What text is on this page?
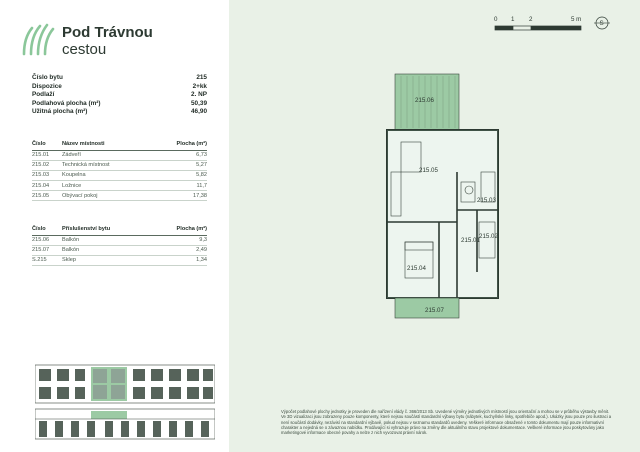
Pod Trávnou
cestou
Číslo bytu	215
Dispozice	2+kk
Podlaží	2. NP
Podlahová plocha (m²)	50,39
Užitná plocha (m²)	46,90
Číslo	Název místnosti	Plocha (m²)
215.01	Zádveří	6,73
215.02	Technická místnost	5,27
215.03	Koupelna	5,82
215.04	Ložnice	11,7
215.05	Obývací pokoj	17,38
Číslo	Příslušenství bytu	Plocha (m²)
215.06	Balkón	9,3
215.07	Balkón	2,49
S.215	Sklep	1,34
0 1 2	5 m
S
215.06
215.05
215.03
215.01
215.02
215.04
215.07
Výpočet podlahové plochy jednotky je proveden dle nařízení vlády č. 366/2013 Sb. Uvedené výměry jednotlivých místností jsou orientační a mohou se v průběhu výstavby měnit. Ve 3D vizualizaci jsou zobrazeny pouze komponenty, které nejsou součástí standardní výbavy bytu (nábytek, kuchyňské linky, spotřebiče apod.). Ukázky jsou pouze pro ilustraci a není součástí dodávky, nezávisí na standardní výbavě, pokud nejsou v seznamu standardů uvedeny. Veškeré informace obsažené v tomto dokumentu mají pouze informativní charakter a nejedná se o závaznou nabídku. Prodávající si vyhrazuje právo na změny dle aktuálního stavu projektové dokumentace. Veškeré informace jsou poskytovány jako marketingové informace obecné povahy a nelze z nich vyvozovat právní nárok.
